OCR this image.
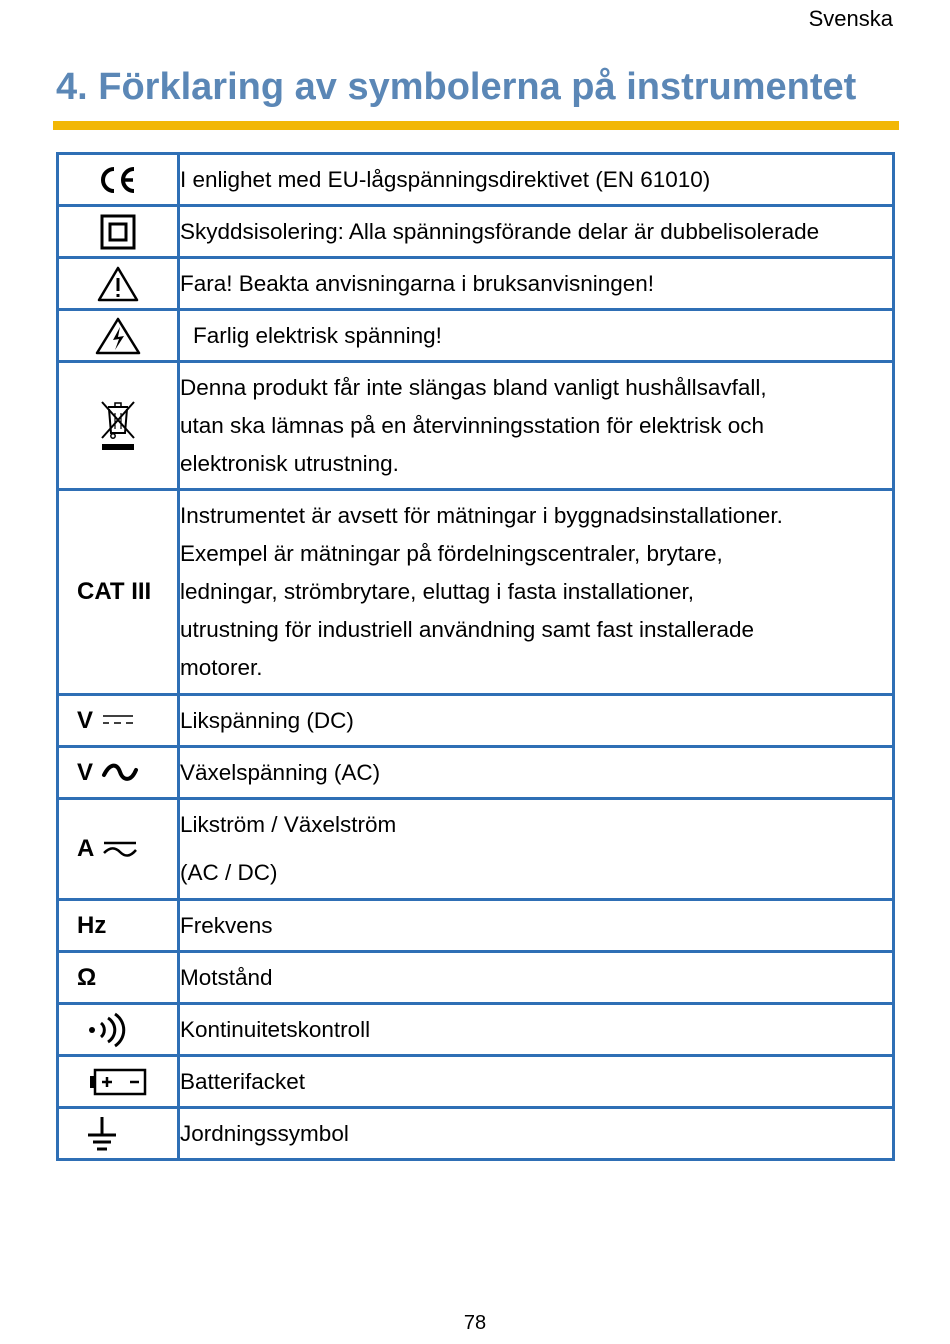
Svenska
4. Förklaring av symbolerna på instrumentet

I enlighet med EU-lågspänningsdirektivet (EN 61010)

Skyddsisolering: Alla spänningsförande delar är dubbelisolerade

Fara! Beakta anvisningarna i bruksanvisningen!

Farlig elektrisk spänning!

Denna produkt får inte slängas bland vanligt hushållsavfall,
utan ska lämnas på en återvinningsstation för elektrisk och
elektronisk utrustning.

CAT III	Instrumentet är avsett för mätningar i byggnadsinstallationer.
Exempel är mätningar på fördelningscentraler, brytare,
ledningar, strömbrytare, eluttag i fasta installationer,
utrustning för industriell användning samt fast installerade
motorer.

V	Likspänning (DC)

V	Växelspänning (AC)

A	Likström / Växelström
(AC / DC)

Hz	Frekvens

Ω	Motstånd

Kontinuitetskontroll

Batterifacket

Jordningssymbol
78
